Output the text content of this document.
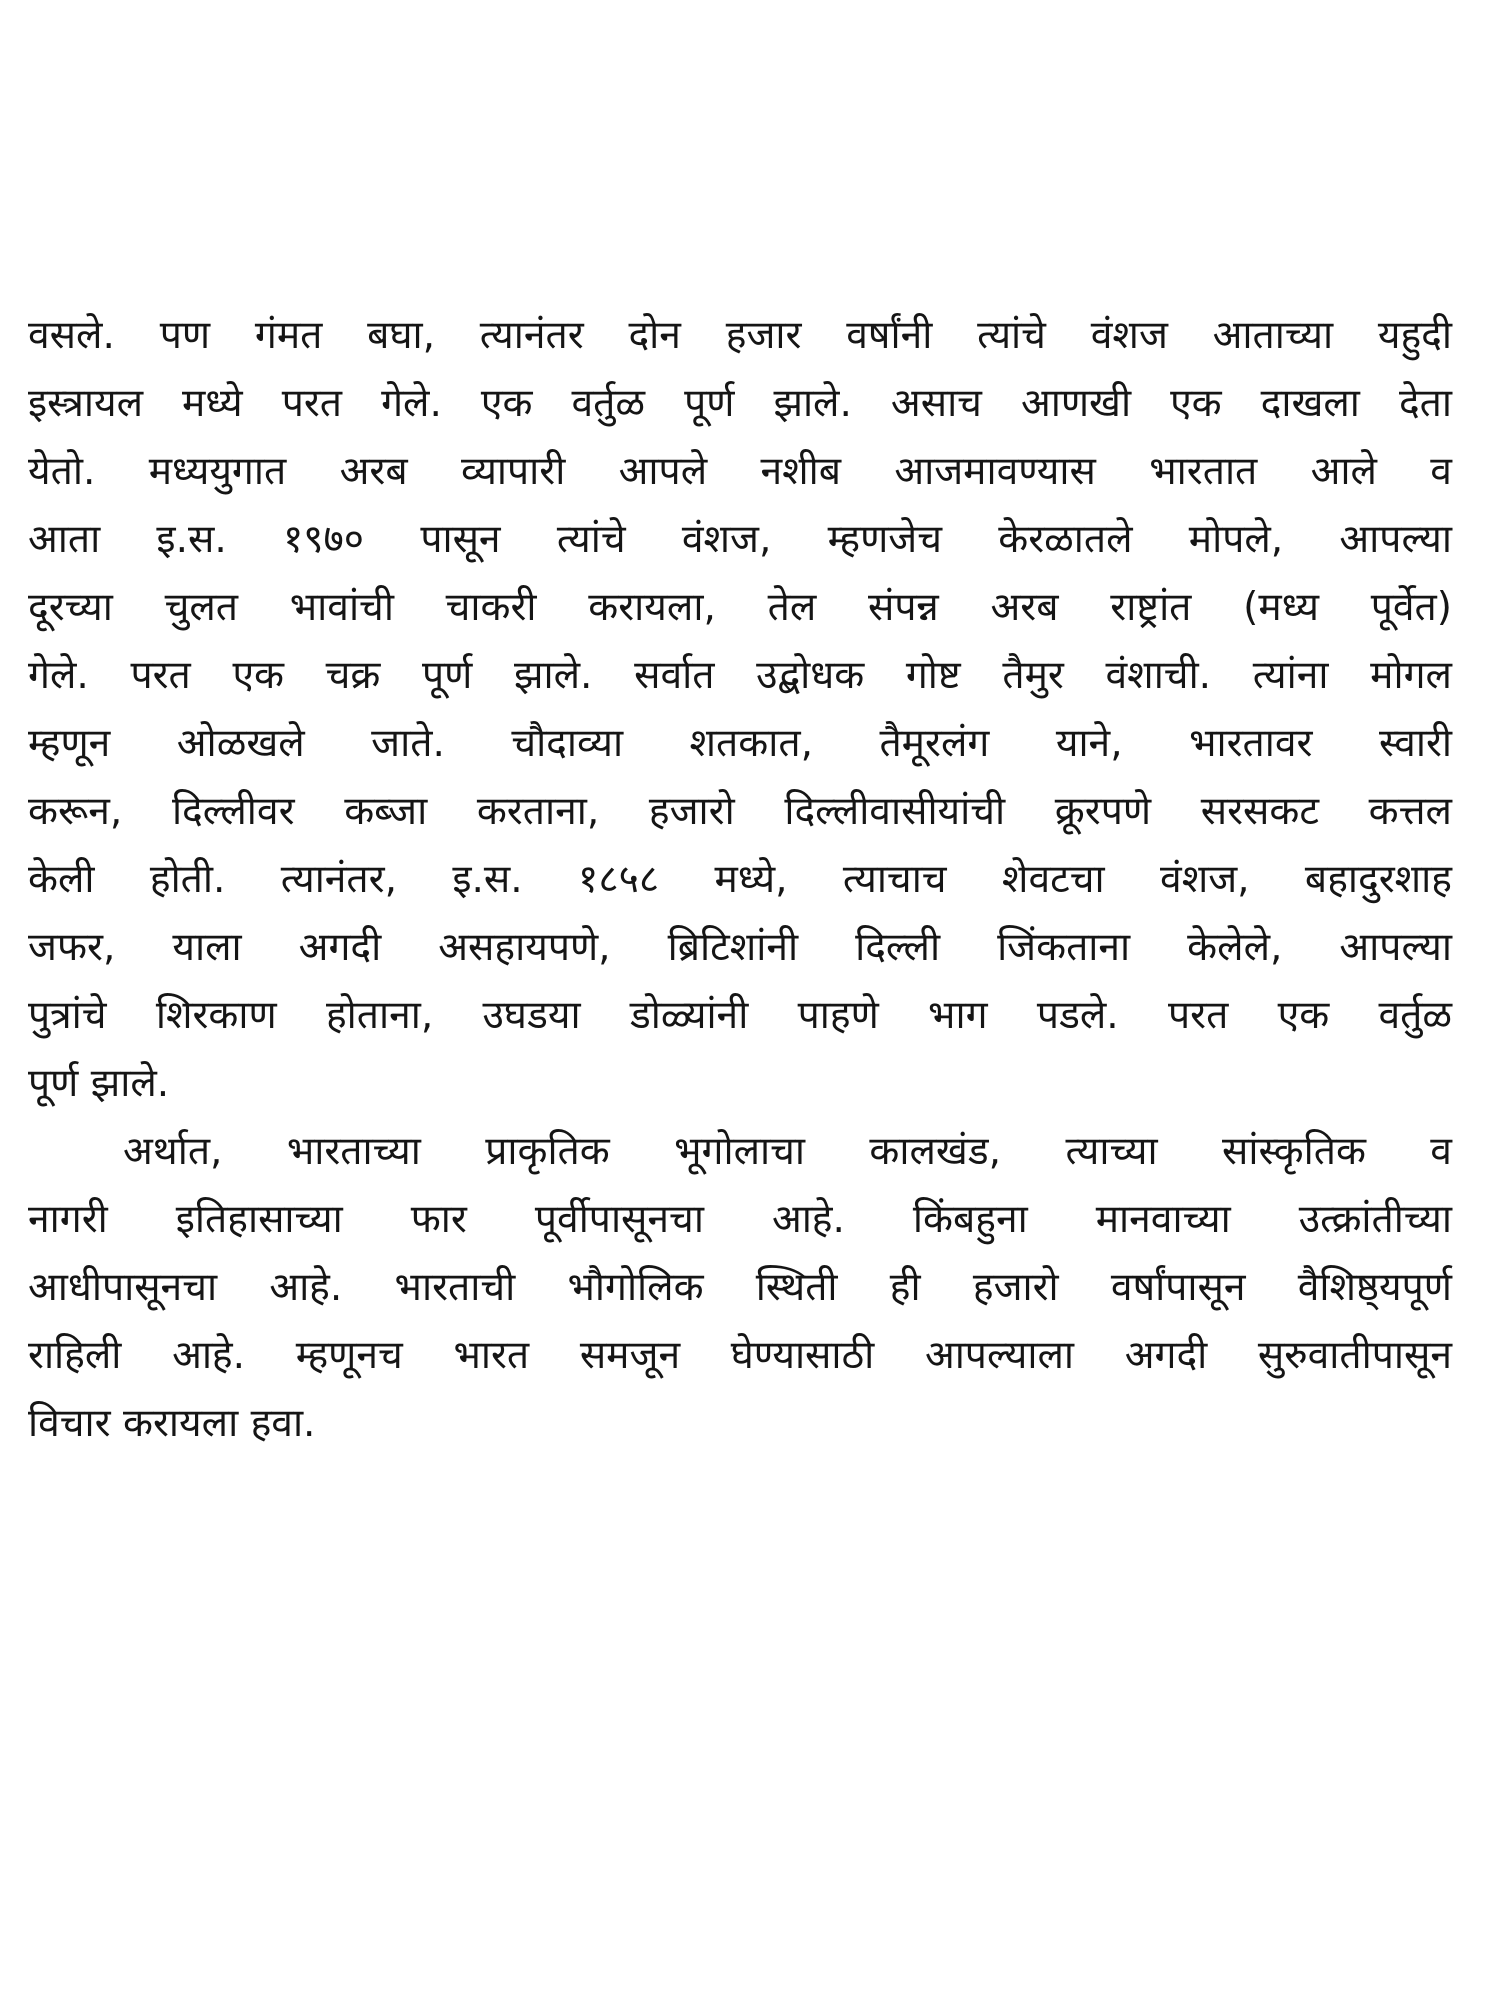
वसले. पण गंमत बघा, त्यानंतर दोन हजार वर्षांनी त्यांचे वंशज आताच्या यहुदी
इस्त्रायल मध्ये परत गेले. एक वर्तुळ पूर्ण झाले. असाच आणखी एक दाखला देता
येतो. मध्ययुगात अरब व्यापारी आपले नशीब आजमावण्यास भारतात आले व
आता इ.स. १९७० पासून त्यांचे वंशज, म्हणजेच केरळातले मोपले, आपल्या
दूरच्या चुलत भावांची चाकरी करायला, तेल संपन्न अरब राष्ट्रांत (मध्य पूर्वेत)
गेले. परत एक चक्र पूर्ण झाले. सर्वात उद्बोधक गोष्ट तैमुर वंशाची. त्यांना मोगल
म्हणून ओळखले जाते. चौदाव्या शतकात, तैमूरलंग याने, भारतावर स्वारी
करून, दिल्लीवर कब्जा करताना, हजारो दिल्लीवासीयांची क्रूरपणे सरसकट कत्तल
केली होती. त्यानंतर, इ.स. १८५८ मध्ये, त्याचाच शेवटचा वंशज, बहादुरशाह
जफर, याला अगदी असहायपणे, ब्रिटिशांनी दिल्ली जिंकताना केलेले, आपल्या
पुत्रांचे शिरकाण होताना, उघडया डोळ्यांनी पाहणे भाग पडले. परत एक वर्तुळ
पूर्ण झाले.
अर्थात, भारताच्या प्राकृतिक भूगोलाचा कालखंड, त्याच्या सांस्कृतिक व
नागरी इतिहासाच्या फार पूर्वीपासूनचा आहे. किंबहुना मानवाच्या उत्क्रांतीच्या
आधीपासूनचा आहे. भारताची भौगोलिक स्थिती ही हजारो वर्षांपासून वैशिष्ठ्यपूर्ण
राहिली आहे. म्हणूनच भारत समजून घेण्यासाठी आपल्याला अगदी सुरुवातीपासून
विचार करायला हवा.
